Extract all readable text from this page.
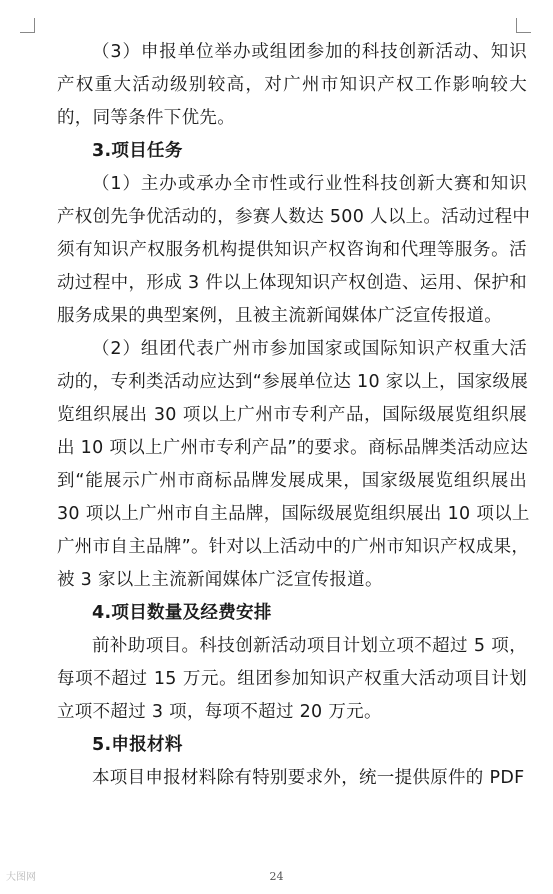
（3）申报单位举办或组团参加的科技创新活动、知识
产权重大活动级别较高，对广州市知识产权工作影响较大
的，同等条件下优先。
3.项目任务
（1）主办或承办全市性或行业性科技创新大赛和知识
产权创先争优活动的，参赛人数达 500 人以上。活动过程中
须有知识产权服务机构提供知识产权咨询和代理等服务。活
动过程中，形成 3 件以上体现知识产权创造、运用、保护和
服务成果的典型案例，且被主流新闻媒体广泛宣传报道。
（2）组团代表广州市参加国家或国际知识产权重大活
动的，专利类活动应达到“参展单位达 10 家以上，国家级展
览组织展出 30 项以上广州市专利产品，国际级展览组织展
出 10 项以上广州市专利产品”的要求。商标品牌类活动应达
到“能展示广州市商标品牌发展成果，国家级展览组织展出
30 项以上广州市自主品牌，国际级展览组织展出 10 项以上
广州市自主品牌”。针对以上活动中的广州市知识产权成果，
被 3 家以上主流新闻媒体广泛宣传报道。
4.项目数量及经费安排
前补助项目。科技创新活动项目计划立项不超过 5 项，
每项不超过 15 万元。组团参加知识产权重大活动项目计划
立项不超过 3 项，每项不超过 20 万元。
5.申报材料
本项目申报材料除有特别要求外，统一提供原件的 PDF
大图网	24
